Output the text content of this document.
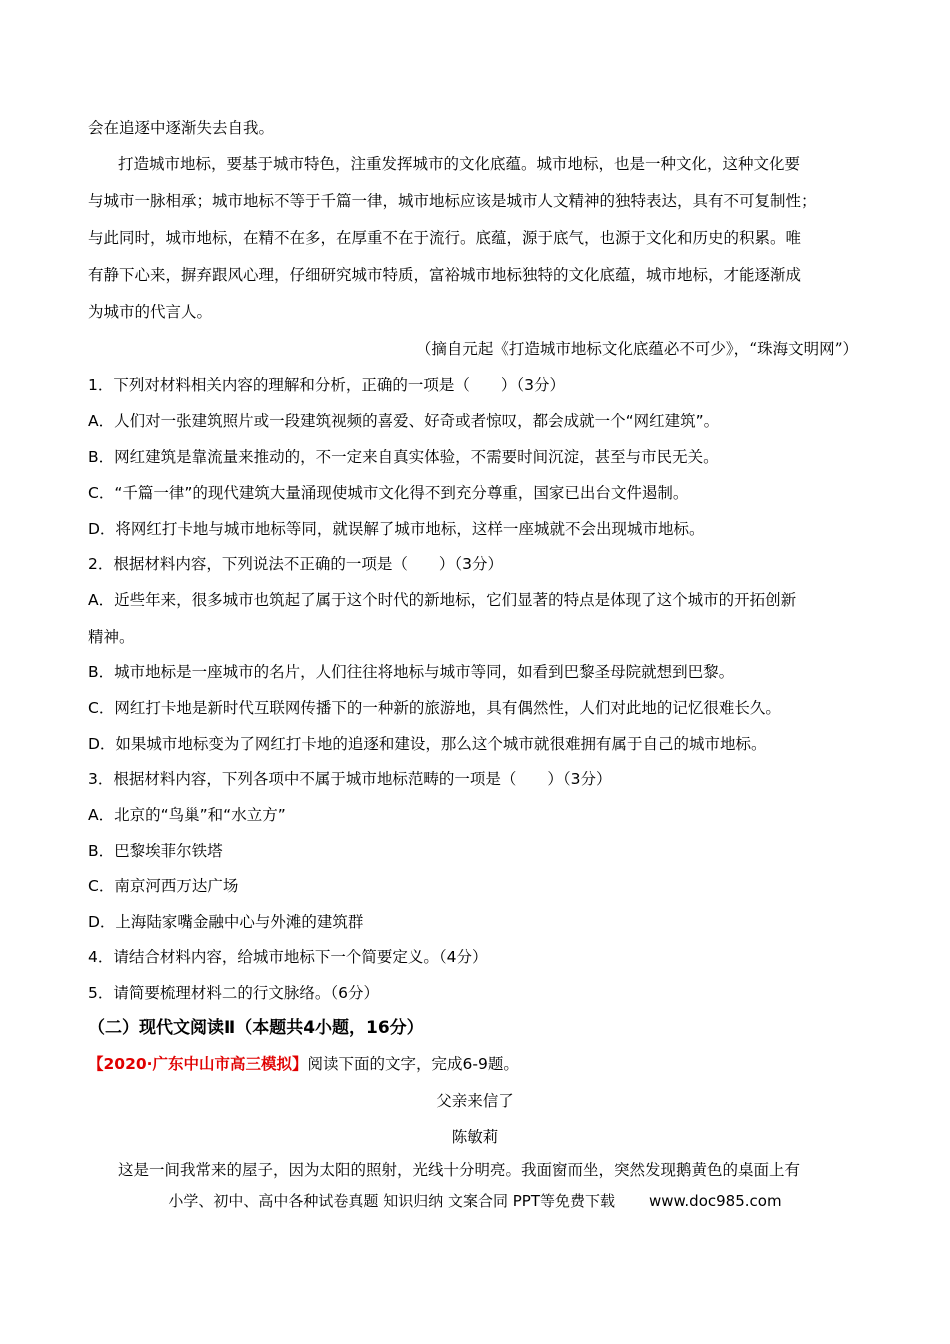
会在追逐中逐渐失去自我。
打造城市地标，要基于城市特色，注重发挥城市的文化底蕴。城市地标，也是一种文化，这种文化要
与城市一脉相承；城市地标不等于千篇一律，城市地标应该是城市人文精神的独特表达，具有不可复制性；
与此同时，城市地标，在精不在多，在厚重不在于流行。底蕴，源于底气，也源于文化和历史的积累。唯
有静下心来，摒弃跟风心理，仔细研究城市特质，富裕城市地标独特的文化底蕴，城市地标，才能逐渐成
为城市的代言人。
（摘自元起《打造城市地标文化底蕴必不可少》，“珠海文明网”）
1．下列对材料相关内容的理解和分析，正确的一项是（　　）（3分）
A．人们对一张建筑照片或一段建筑视频的喜爱、好奇或者惊叹，都会成就一个“网红建筑”。
B．网红建筑是靠流量来推动的，不一定来自真实体验，不需要时间沉淀，甚至与市民无关。
C．“千篇一律”的现代建筑大量涌现使城市文化得不到充分尊重，国家已出台文件遏制。
D．将网红打卡地与城市地标等同，就误解了城市地标，这样一座城就不会出现城市地标。
2．根据材料内容，下列说法不正确的一项是（　　）（3分）
A．近些年来，很多城市也筑起了属于这个时代的新地标，它们显著的特点是体现了这个城市的开拓创新
精神。
B．城市地标是一座城市的名片，人们往往将地标与城市等同，如看到巴黎圣母院就想到巴黎。
C．网红打卡地是新时代互联网传播下的一种新的旅游地，具有偶然性，人们对此地的记忆很难长久。
D．如果城市地标变为了网红打卡地的追逐和建设，那么这个城市就很难拥有属于自己的城市地标。
3．根据材料内容，下列各项中不属于城市地标范畴的一项是（　　）（3分）
A．北京的“鸟巢”和“水立方”
B．巴黎埃菲尔铁塔
C．南京河西万达广场
D．上海陆家嘴金融中心与外滩的建筑群
4．请结合材料内容，给城市地标下一个简要定义。（4分）
5．请简要梳理材料二的行文脉络。（6分）
（二）现代文阅读Ⅱ（本题共4小题，16分）
【2020·广东中山市高三模拟】阅读下面的文字，完成6-9题。
父亲来信了
陈敏莉
这是一间我常来的屋子，因为太阳的照射，光线十分明亮。我面窗而坐，突然发现鹅黄色的桌面上有
小学、初中、高中各种试卷真题 知识归纳 文案合同 PPT等免费下载 www.doc985.com
